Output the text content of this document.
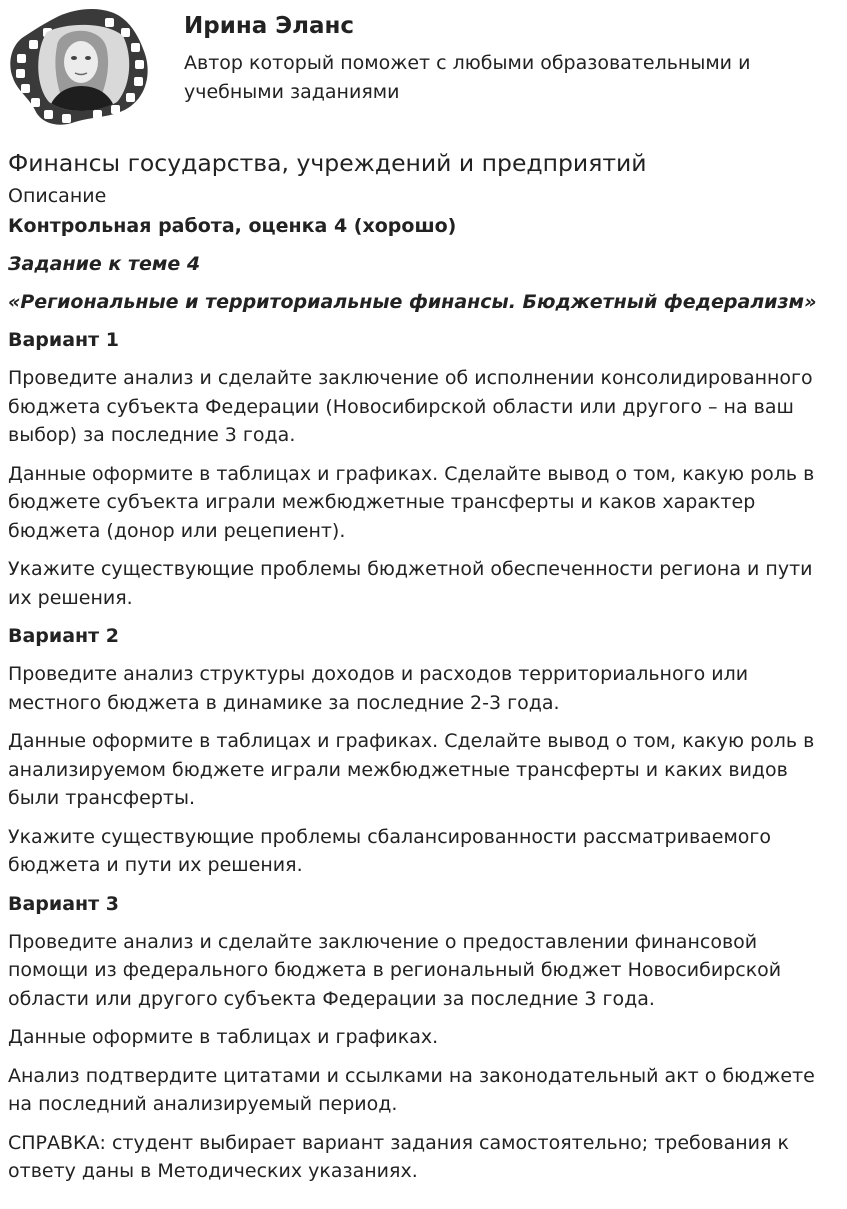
Ирина Эланс
Автор который поможет с любыми образовательными и учебными заданиями
Финансы государства, учреждений и предприятий
Описание
Контрольная работа, оценка 4 (хорошо)
Задание к теме 4
«Региональные и территориальные финансы. Бюджетный федерализм»
Вариант 1

Проведите анализ и сделайте заключение об исполнении консолидированного бюджета субъекта Федерации (Новосибирской области или другого – на ваш выбор) за последние 3 года.

Данные оформите в таблицах и графиках. Сделайте вывод о том, какую роль в бюджете субъекта играли межбюджетные трансферты и каков характер бюджета (донор или рецепиент).

Укажите существующие проблемы бюджетной обеспеченности региона и пути их решения.

Вариант 2

Проведите анализ структуры доходов и расходов территориального или местного бюджета в динамике за последние 2-3 года.

Данные оформите в таблицах и графиках. Сделайте вывод о том, какую роль в анализируемом бюджете играли межбюджетные трансферты и каких видов были трансферты.

Укажите существующие проблемы сбалансированности рассматриваемого бюджета и пути их решения.

Вариант 3

Проведите анализ и сделайте заключение о предоставлении финансовой помощи из федерального бюджета в региональный бюджет Новосибирской области или другого субъекта Федерации за последние 3 года.

Данные оформите в таблицах и графиках.

Анализ подтвердите цитатами и ссылками на законодательный акт о бюджете на последний анализируемый период.

СПРАВКА: студент выбирает вариант задания самостоятельно; требования к ответу даны в Методических указаниях.
